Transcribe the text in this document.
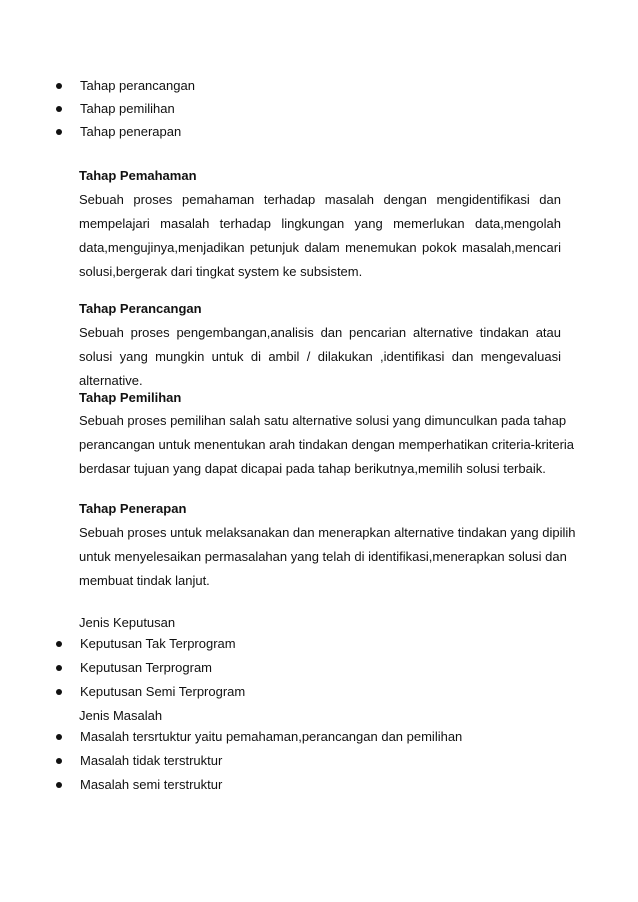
Tahap perancangan
Tahap pemilihan
Tahap penerapan
Tahap Pemahaman
Sebuah proses pemahaman terhadap masalah dengan mengidentifikasi dan
mempelajari masalah terhadap lingkungan yang memerlukan data,mengolah
data,mengujinya,menjadikan petunjuk dalam menemukan pokok masalah,mencari
solusi,bergerak dari tingkat system ke subsistem.
Tahap Perancangan
Sebuah proses pengembangan,analisis dan pencarian alternative tindakan atau
solusi yang mungkin untuk di ambil / dilakukan ,identifikasi dan mengevaluasi
alternative.
Tahap Pemilihan
Sebuah proses pemilihan salah satu alternative solusi yang dimunculkan pada tahap
perancangan untuk menentukan arah tindakan dengan memperhatikan criteria-kriteria
berdasar tujuan yang dapat dicapai pada tahap berikutnya,memilih solusi terbaik.
Tahap Penerapan
Sebuah proses untuk melaksanakan dan menerapkan alternative tindakan yang dipilih
untuk menyelesaikan permasalahan yang telah di identifikasi,menerapkan solusi dan
membuat tindak lanjut.
Jenis Keputusan
Keputusan Tak Terprogram
Keputusan Terprogram
Keputusan Semi Terprogram
Jenis Masalah
Masalah tersrtuktur yaitu pemahaman,perancangan dan pemilihan
Masalah tidak terstruktur
Masalah semi terstruktur
